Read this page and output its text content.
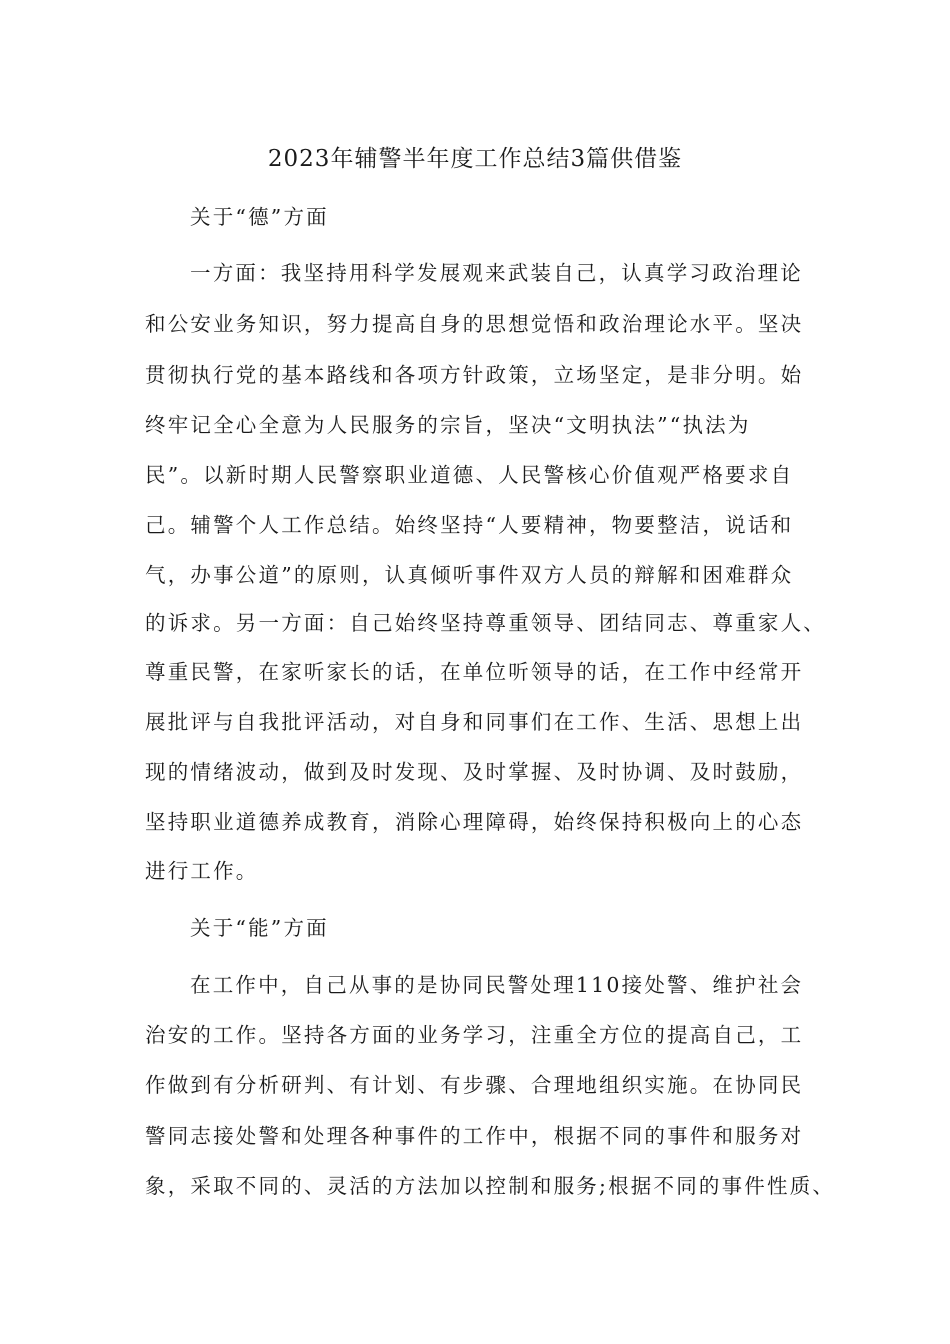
2023年辅警半年度工作总结3篇供借鉴
关于“德”方面
一方面：我坚持用科学发展观来武装自己，认真学习政治理论
和公安业务知识，努力提高自身的思想觉悟和政治理论水平。坚决
贯彻执行党的基本路线和各项方针政策，立场坚定，是非分明。始
终牢记全心全意为人民服务的宗旨，坚决“文明执法”“执法为
民”。以新时期人民警察职业道德、人民警核心价值观严格要求自
己。辅警个人工作总结。始终坚持“人要精神，物要整洁，说话和
气，办事公道”的原则，认真倾听事件双方人员的辩解和困难群众
的诉求。另一方面：自己始终坚持尊重领导、团结同志、尊重家人、
尊重民警，在家听家长的话，在单位听领导的话，在工作中经常开
展批评与自我批评活动，对自身和同事们在工作、生活、思想上出
现的情绪波动，做到及时发现、及时掌握、及时协调、及时鼓励，
坚持职业道德养成教育，消除心理障碍，始终保持积极向上的心态
进行工作。
关于“能”方面
在工作中，自己从事的是协同民警处理110接处警、维护社会
治安的工作。坚持各方面的业务学习，注重全方位的提高自己，工
作做到有分析研判、有计划、有步骤、合理地组织实施。在协同民
警同志接处警和处理各种事件的工作中，根据不同的事件和服务对
象，采取不同的、灵活的方法加以控制和服务;根据不同的事件性质、
